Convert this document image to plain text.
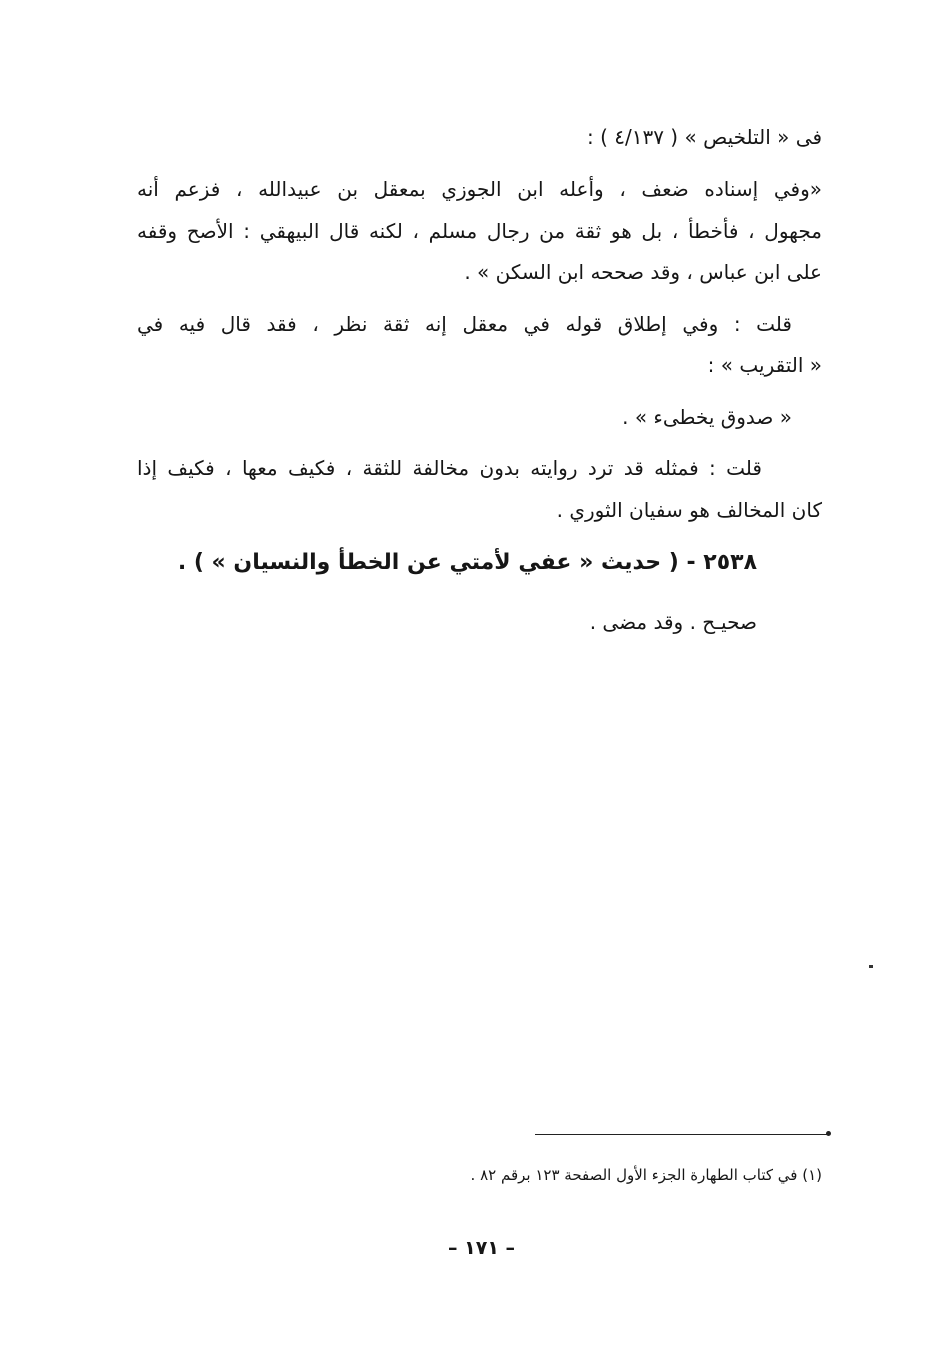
فى « التلخيص » ( ٤/١٣٧ ) :
«وفي إسناده ضعف ، وأعله ابن الجوزي بمعقل بن عبيدالله ، فزعم أنه
مجهول ، فأخطأ ، بل هو ثقة من رجال مسلم ، لكنه قال البيهقي : الأصح وقفه
على ابن عباس ، وقد صححه ابن السكن » .
قلت : وفي إطلاق قوله في معقل إنه ثقة نظر ، فقد قال فيه في
« التقريب » :
« صدوق يخطىء » .
قلت : فمثله قد ترد روايته بدون مخالفة للثقة ، فكيف معها ، فكيف إذا
كان المخالف هو سفيان الثوري .
٢٥٣٨ - ( حديث « عفي لأمتي عن الخطأ والنسيان » ) .
صحيـح . وقد مضى .
(١) في كتاب الطهارة الجزء الأول الصفحة ١٢٣ برقم ٨٢ .
– ١٧١ –
